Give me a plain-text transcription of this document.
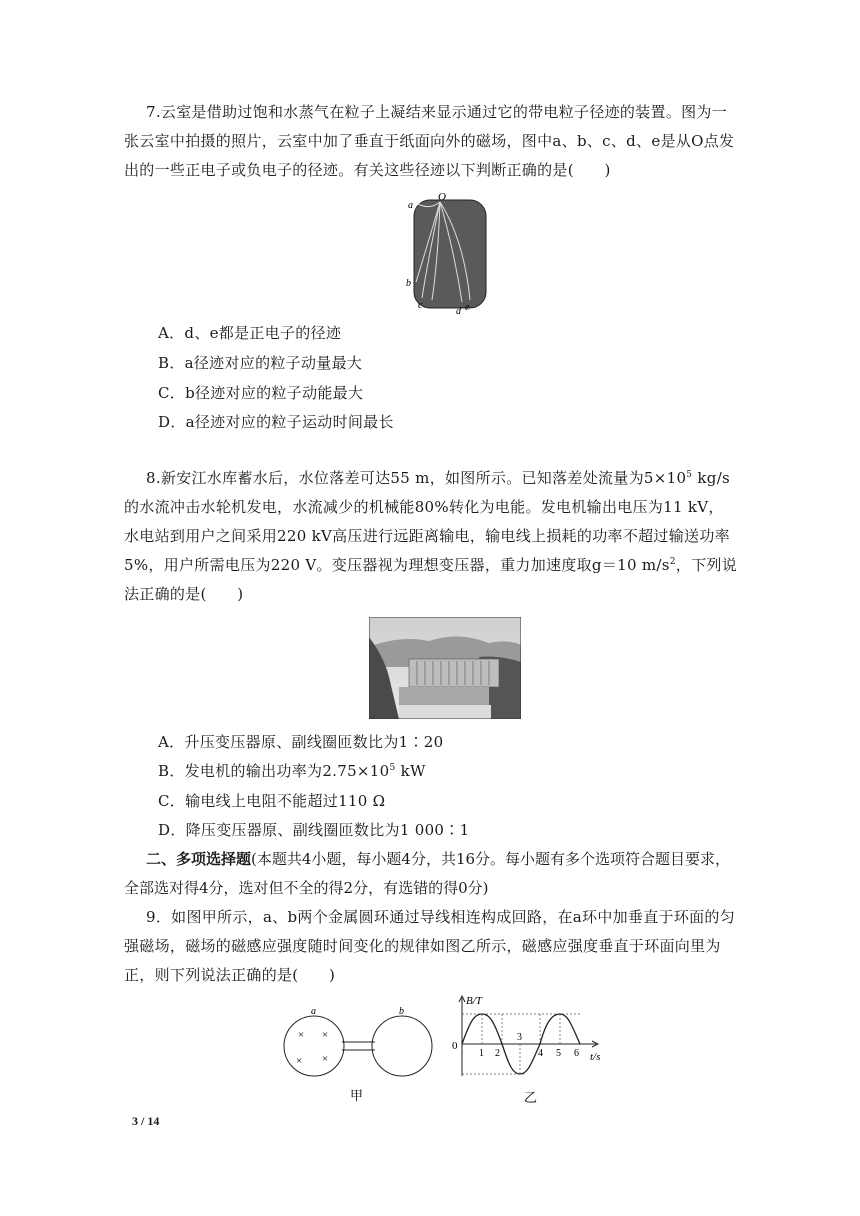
7.云室是借助过饱和水蒸气在粒子上凝结来显示通过它的带电粒子径迹的装置。图为一张云室中拍摄的照片，云室中加了垂直于纸面向外的磁场，图中a、b、c、d、e是从O点发出的一些正电子或负电子的径迹。有关这些径迹以下判断正确的是(　　)

O
a
b
c
d e

A．d、e都是正电子的径迹

B．a径迹对应的粒子动量最大

C．b径迹对应的粒子动能最大

D．a径迹对应的粒子运动时间最长

8.新安江水库蓄水后，水位落差可达55 m，如图所示。已知落差处流量为$5\times 10^5$ kg/s的水流冲击水轮机发电，水流减少的机械能80%转化为电能。发电机输出电压为11 kV，水电站到用户之间采用220 kV高压进行远距离输电，输电线上损耗的功率不超过输送功率5%，用户所需电压为220 V。变压器视为理想变压器，重力加速度取g＝10 $m/s^2$，下列说法正确的是(　　)

A．升压变压器原、副线圈匝数比为1∶20

B．发电机的输出功率为$2.75\times 10^5$ kW

C．输电线上电阻不能超过110 Ω

D．降压变压器原、副线圈匝数比为1 000∶1

二、多项选择题(本题共4小题，每小题4分，共16分。每小题有多个选项符合题目要求，全部选对得4分，选对但不全的得2分，有选错的得0分)

9．如图甲所示，a、b两个金属圆环通过导线相连构成回路，在a环中加垂直于环面的匀强磁场，磁场的磁感应强度随时间变化的规律如图乙所示，磁感应强度垂直于环面向里为正，则下列说法正确的是(　　)

× ×
× ×
a	b
甲
B/T
t/s
0
1 2
3
4 5 6
乙
3 / 14
